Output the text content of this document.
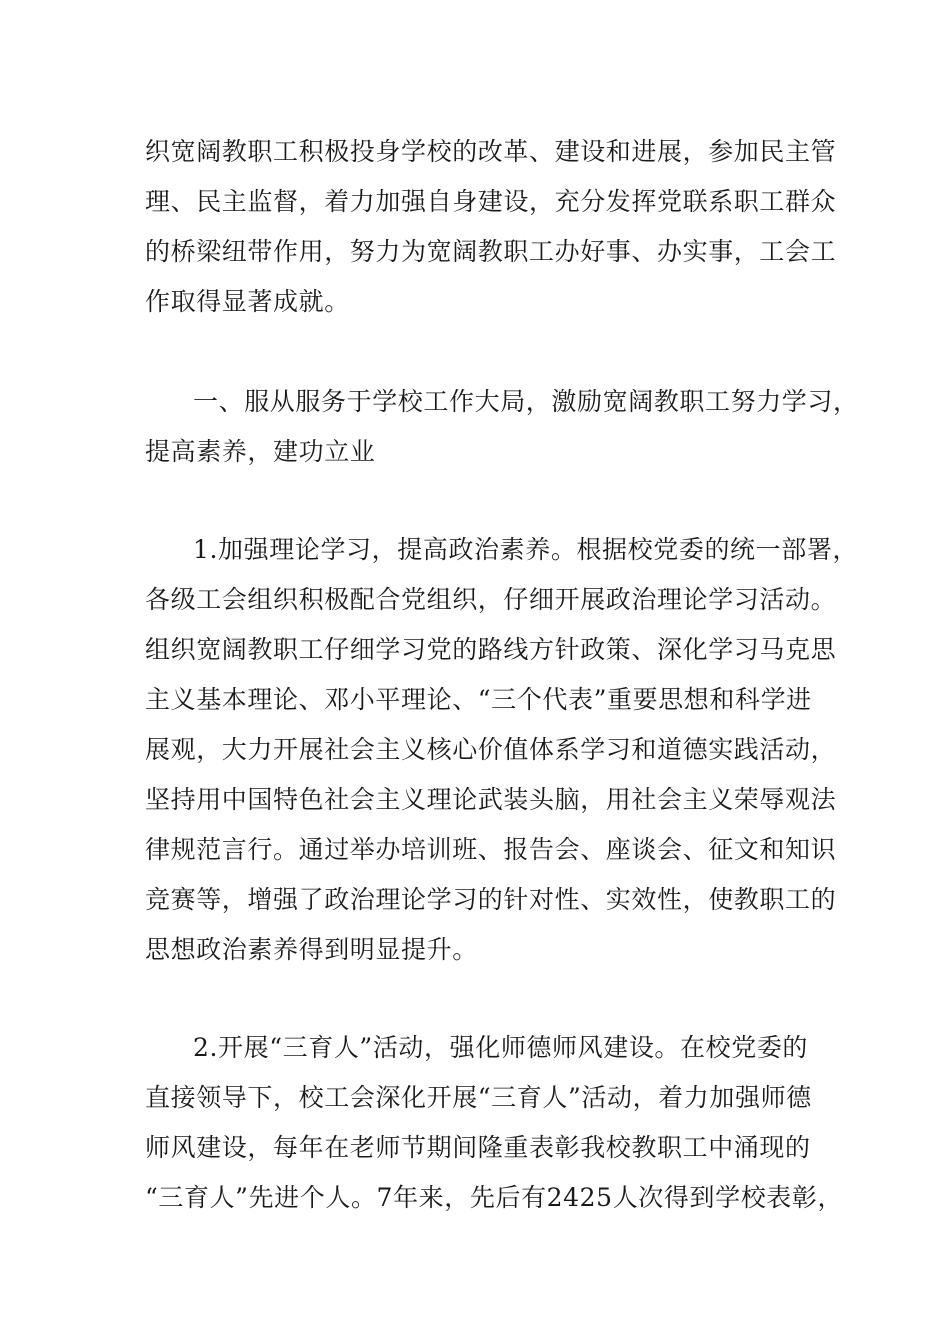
织宽阔教职工积极投身学校的改革、建设和进展，参加民主管
理、民主监督，着力加强自身建设，充分发挥党联系职工群众
的桥梁纽带作用，努力为宽阔教职工办好事、办实事，工会工
作取得显著成就。
一、服从服务于学校工作大局，激励宽阔教职工努力学习，
提高素养，建功立业
1.加强理论学习，提高政治素养。根据校党委的统一部署，
各级工会组织积极配合党组织，仔细开展政治理论学习活动。
组织宽阔教职工仔细学习党的路线方针政策、深化学习马克思
主义基本理论、邓小平理论、“三个代表”重要思想和科学进
展观，大力开展社会主义核心价值体系学习和道德实践活动，
坚持用中国特色社会主义理论武装头脑，用社会主义荣辱观法
律规范言行。通过举办培训班、报告会、座谈会、征文和知识
竞赛等，增强了政治理论学习的针对性、实效性，使教职工的
思想政治素养得到明显提升。
2.开展“三育人”活动，强化师德师风建设。在校党委的
直接领导下，校工会深化开展“三育人”活动，着力加强师德
师风建设，每年在老师节期间隆重表彰我校教职工中涌现的
“三育人”先进个人。7年来，先后有2425人次得到学校表彰，
